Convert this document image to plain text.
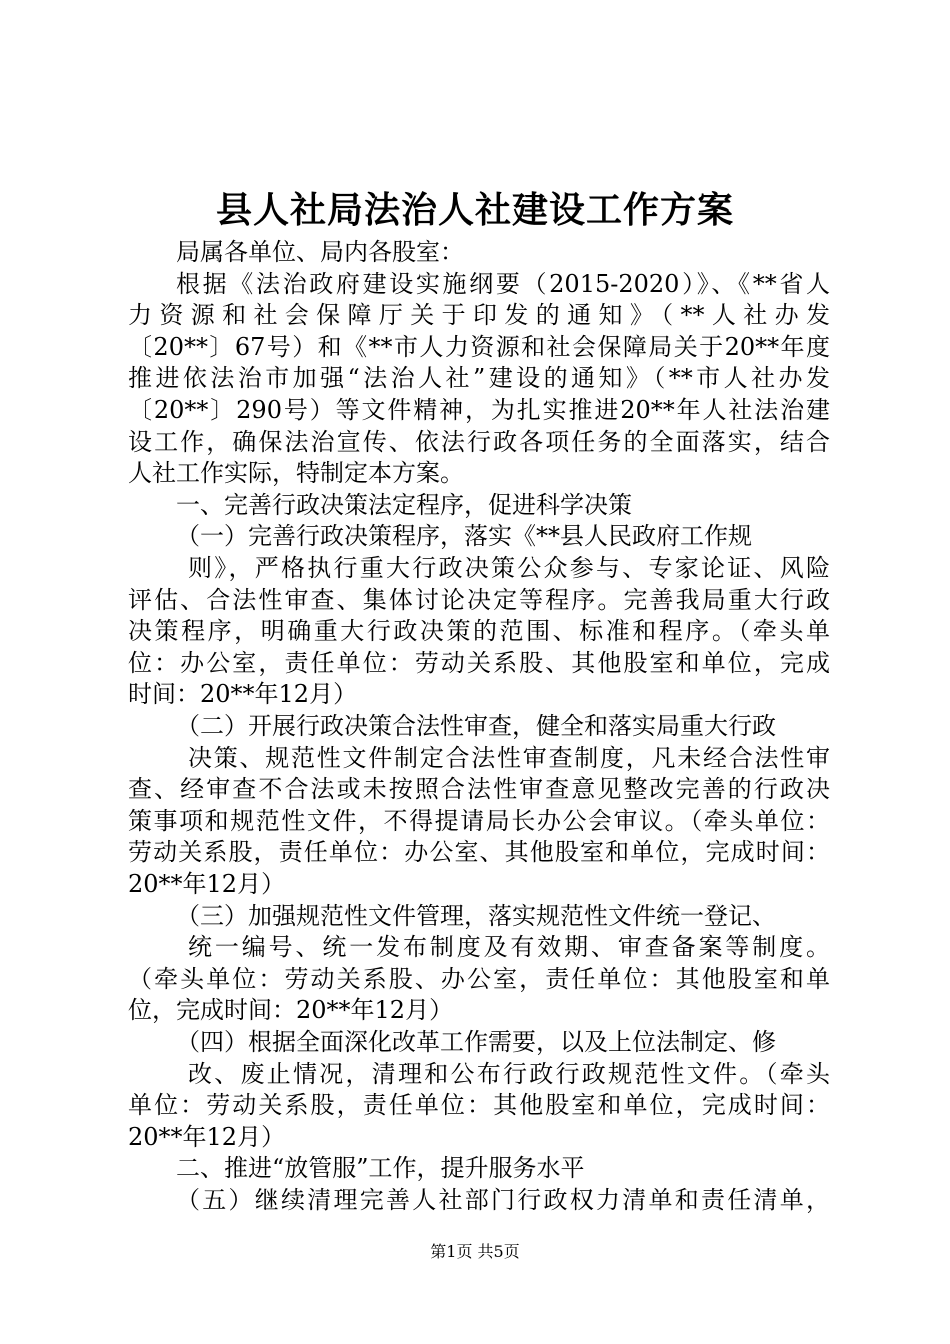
县人社局法治人社建设工作方案
局属各单位、局内各股室：
根据《法治政府建设实施纲要（2015-2020）》、《**省人
力资源和社会保障厅关于印发的通知》（**人社办发
〔20**〕67号）和《**市人力资源和社会保障局关于20**年度
推进依法治市加强“法治人社”建设的通知》（**市人社办发
〔20**〕290号）等文件精神，为扎实推进20**年人社法治建
设工作，确保法治宣传、依法行政各项任务的全面落实，结合
人社工作实际，特制定本方案。
一、完善行政决策法定程序，促进科学决策
（一）完善行政决策程序，落实《**县人民政府工作规
则》，严格执行重大行政决策公众参与、专家论证、风险
评估、合法性审查、集体讨论决定等程序。完善我局重大行政
决策程序，明确重大行政决策的范围、标准和程序。（牵头单
位：办公室，责任单位：劳动关系股、其他股室和单位，完成
时间：20**年12月）
（二）开展行政决策合法性审查，健全和落实局重大行政
决策、规范性文件制定合法性审查制度，凡未经合法性审
查、经审查不合法或未按照合法性审查意见整改完善的行政决
策事项和规范性文件，不得提请局长办公会审议。（牵头单位：
劳动关系股，责任单位：办公室、其他股室和单位，完成时间：
20**年12月）
（三）加强规范性文件管理，落实规范性文件统一登记、
统一编号、统一发布制度及有效期、审查备案等制度。
（牵头单位：劳动关系股、办公室，责任单位：其他股室和单
位，完成时间：20**年12月）
（四）根据全面深化改革工作需要，以及上位法制定、修
改、废止情况，清理和公布行政行政规范性文件。（牵头
单位：劳动关系股，责任单位：其他股室和单位，完成时间：
20**年12月）
二、推进“放管服”工作，提升服务水平
（五）继续清理完善人社部门行政权力清单和责任清单，
第1页 共5页
